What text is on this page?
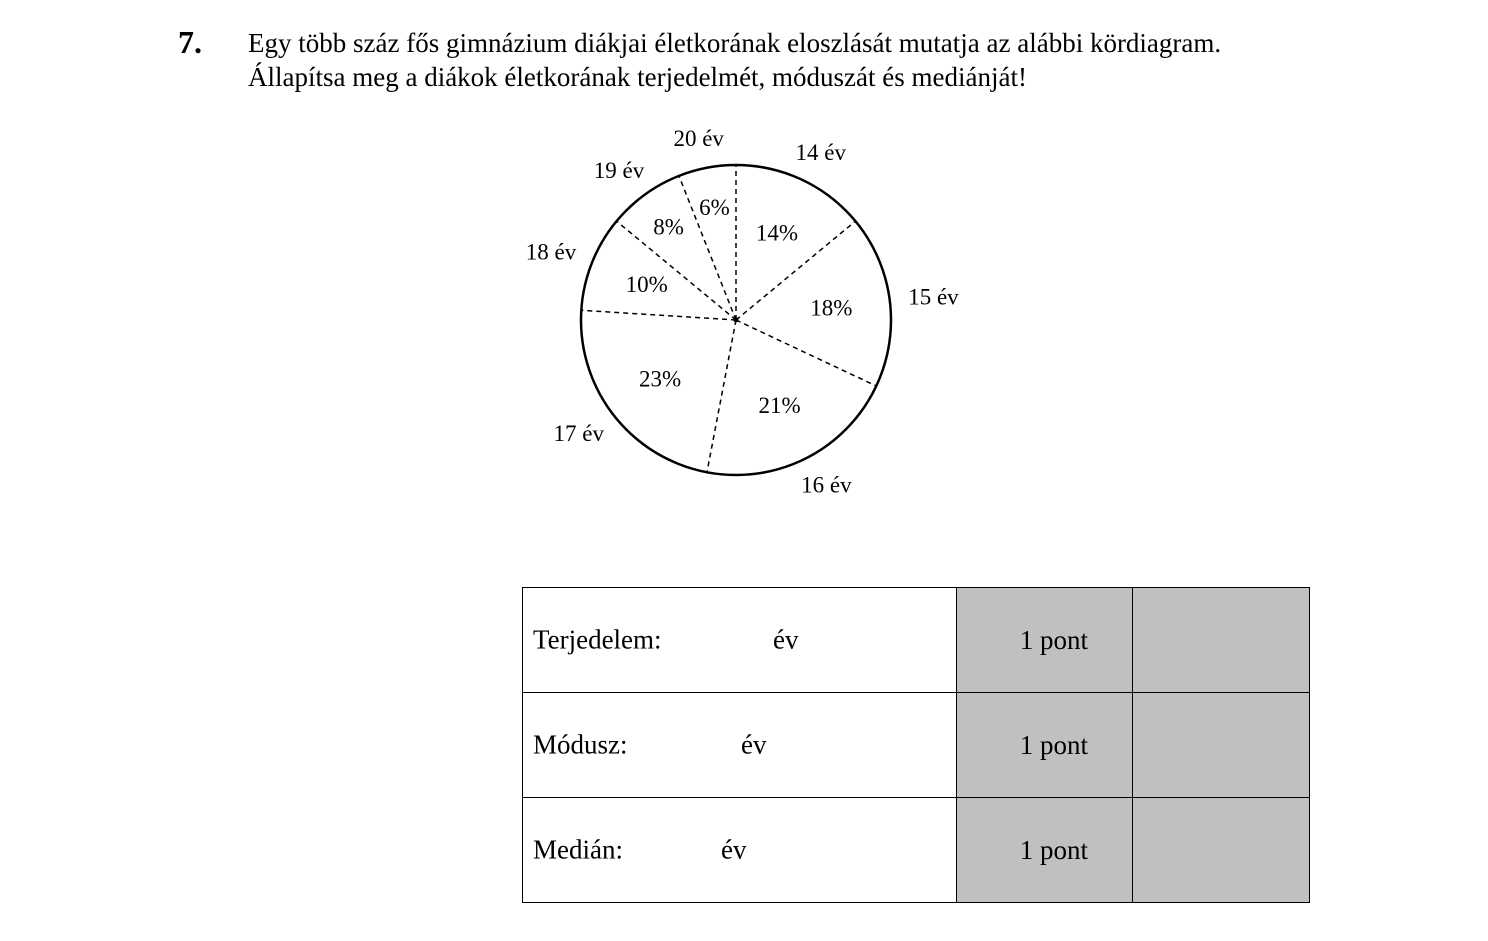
7. Egy több száz fős gimnázium diákjai életkorának eloszlását mutatja az alábbi kördiagram.
Állapítsa meg a diákok életkorának terjedelmét, móduszát és mediánját!
14%
14 év
18% 15 év
21%
16 év
23%
17 év
10%
18 év
8%
19 év
6%
20 év
Terjedelem: év	1 pont	

Módusz: év	1 pont	

Medián: év	1 pont	
